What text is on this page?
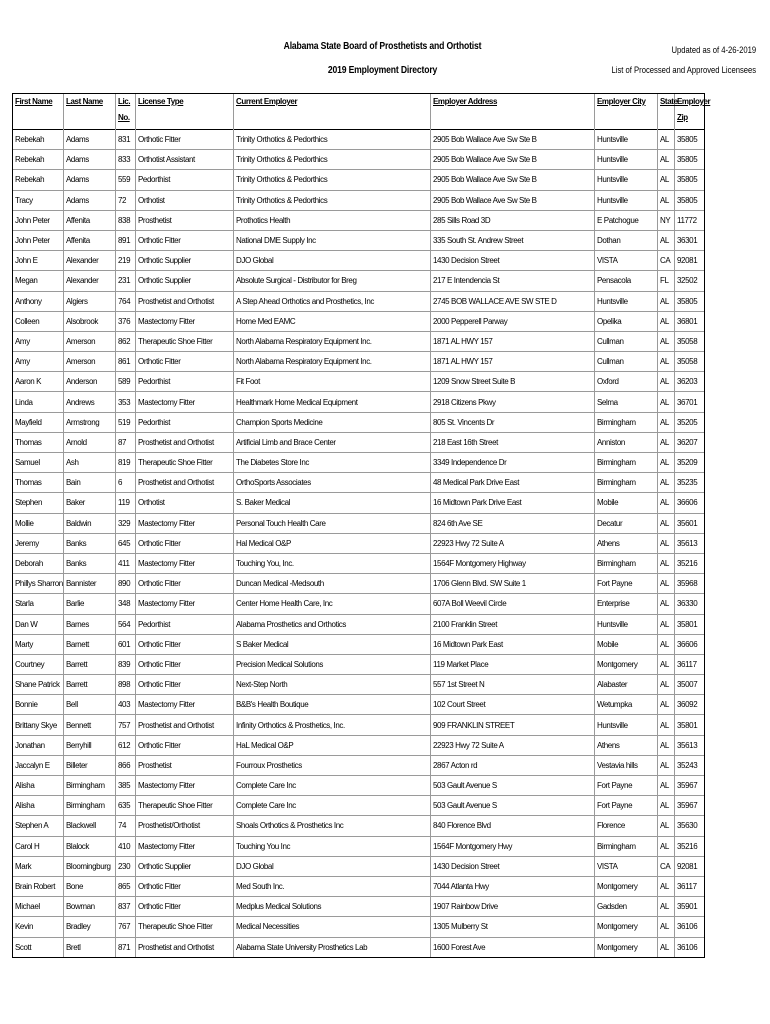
Alabama State Board of Prosthetists and Orthotist
2019 Employment Directory
Updated as of 4-26-2019
List of Processed and Approved Licensees
First Name	Last Name	Lic. No.	License Type	Current Employer	Employer Address	Employer City	State	Employer Zip
Rebekah	Adams	831	Orthotic Fitter	Trinity Orthotics & Pedorthics	2905 Bob Wallace Ave Sw Ste B	Huntsville	AL	35805
Rebekah	Adams	833	Orthotist Assistant	Trinity Orthotics & Pedorthics	2905 Bob Wallace Ave Sw Ste B	Huntsville	AL	35805
Rebekah	Adams	559	Pedorthist	Trinity Orthotics & Pedorthics	2905 Bob Wallace Ave Sw Ste B	Huntsville	AL	35805
Tracy	Adams	72	Orthotist	Trinity Orthotics & Pedorthics	2905 Bob Wallace Ave Sw Ste B	Huntsville	AL	35805
John Peter	Affenita	838	Prosthetist	Prothotics Health	285 Sills Road 3D	E Patchogue	NY	11772
John Peter	Affenita	891	Orthotic Fitter	National DME Supply Inc	335 South St. Andrew Street	Dothan	AL	36301
John E	Alexander	219	Orthotic Supplier	DJO Global	1430 Decision Street	VISTA	CA	92081
Megan	Alexander	231	Orthotic Supplier	Absolute Surgical - Distributor for Breg	217 E Intendencia St	Pensacola	FL	32502
Anthony	Algiers	764	Prosthetist and Orthotist	A Step Ahead Orthotics and Prosthetics, Inc	2745 BOB WALLACE AVE SW STE D	Huntsville	AL	35805
Colleen	Alsobrook	376	Mastectomy Fitter	Home Med EAMC	2000 Pepperell Parway	Opelika	AL	36801
Amy	Amerson	862	Therapeutic Shoe Fitter	North Alabama Respiratory Equipment Inc.	1871 AL HWY 157	Cullman	AL	35058
Amy	Amerson	861	Orthotic Fitter	North Alabama Respiratory Equipment Inc.	1871 AL HWY 157	Cullman	AL	35058
Aaron K	Anderson	589	Pedorthist	Fit Foot	1209 Snow Street Suite B	Oxford	AL	36203
Linda	Andrews	353	Mastectomy Fitter	Healthmark Home Medical Equipment	2918 Citizens Pkwy	Selma	AL	36701
Mayfield	Armstrong	519	Pedorthist	Champion Sports Medicine	805 St. Vincents Dr	Birmingham	AL	35205
Thomas	Arnold	87	Prosthetist and Orthotist	Artificial Limb and Brace Center	218 East 16th Street	Anniston	AL	36207
Samuel	Ash	819	Therapeutic Shoe Fitter	The Diabetes Store Inc	3349 Independence Dr	Birmingham	AL	35209
Thomas	Bain	6	Prosthetist and Orthotist	OrthoSports Associates	48 Medical Park Drive East	Birmingham	AL	35235
Stephen	Baker	119	Orthotist	S. Baker Medical	16 Midtown Park Drive East	Mobile	AL	36606
Mollie	Baldwin	329	Mastectomy Fitter	Personal Touch Health Care	824 6th Ave SE	Decatur	AL	35601
Jeremy	Banks	645	Orthotic Fitter	Hal Medical O&P	22923 Hwy 72 Suite A	Athens	AL	35613
Deborah	Banks	411	Mastectomy Fitter	Touching You, Inc.	1564F Montgomery Highway	Birmingham	AL	35216
Phillys Sharron	Bannister	890	Orthotic Fitter	Duncan Medical -Medsouth	1706 Glenn Blvd. SW Suite 1	Fort Payne	AL	35968
Starla	Barlie	348	Mastectomy Fitter	Center Home Health Care, Inc	607A Boll Weevil Circle	Enterprise	AL	36330
Dan W	Barnes	564	Pedorthist	Alabama Prosthetics and Orthotics	2100 Franklin Street	Huntsville	AL	35801
Marty	Barnett	601	Orthotic Fitter	S Baker Medical	16 Midtown Park East	Mobile	AL	36606
Courtney	Barrett	839	Orthotic Fitter	Precision Medical Solutions	119 Market Place	Montgomery	AL	36117
Shane Patrick	Barrett	898	Orthotic Fitter	Next-Step North	557 1st Street N	Alabaster	AL	35007
Bonnie	Bell	403	Mastectomy Fitter	B&B's Health Boutique	102 Court Street	Wetumpka	AL	36092
Brittany Skye	Bennett	757	Prosthetist and Orthotist	Infinity Orthotics & Prosthetics, Inc.	909 FRANKLIN STREET	Huntsville	AL	35801
Jonathan	Berryhill	612	Orthotic Fitter	HaL Medical O&P	22923 Hwy 72 Suite A	Athens	AL	35613
Jaccalyn E	Billeter	866	Prosthetist	Fourroux Prosthetics	2867 Acton rd	Vestavia hills	AL	35243
Alisha	Birmingham	385	Mastectomy Fitter	Complete Care Inc	503 Gault Avenue S	Fort Payne	AL	35967
Alisha	Birmingham	635	Therapeutic Shoe Fitter	Complete Care Inc	503 Gault Avenue S	Fort Payne	AL	35967
Stephen A	Blackwell	74	Prosthetist/Orthotist	Shoals Orthotics & Prosthetics Inc	840 Florence Blvd	Florence	AL	35630
Carol H	Blalock	410	Mastectomy Fitter	Touching You Inc	1564F Montgomery Hwy	Birmingham	AL	35216
Mark	Bloomingburg	230	Orthotic Supplier	DJO Global	1430 Decision Street	VISTA	CA	92081
Brain Robert	Bone	865	Orthotic Fitter	Med South Inc.	7044 Atlanta Hwy	Montgomery	AL	36117
Michael	Bowman	837	Orthotic Fitter	Medplus Medical Solutions	1907 Rainbow Drive	Gadsden	AL	35901
Kevin	Bradley	767	Therapeutic Shoe Fitter	Medical Necessities	1305 Mulberry St	Montgomery	AL	36106
Scott	Bretl	871	Prosthetist and Orthotist	Alabama State University Prosthetics Lab	1600 Forest Ave	Montgomery	AL	36106
